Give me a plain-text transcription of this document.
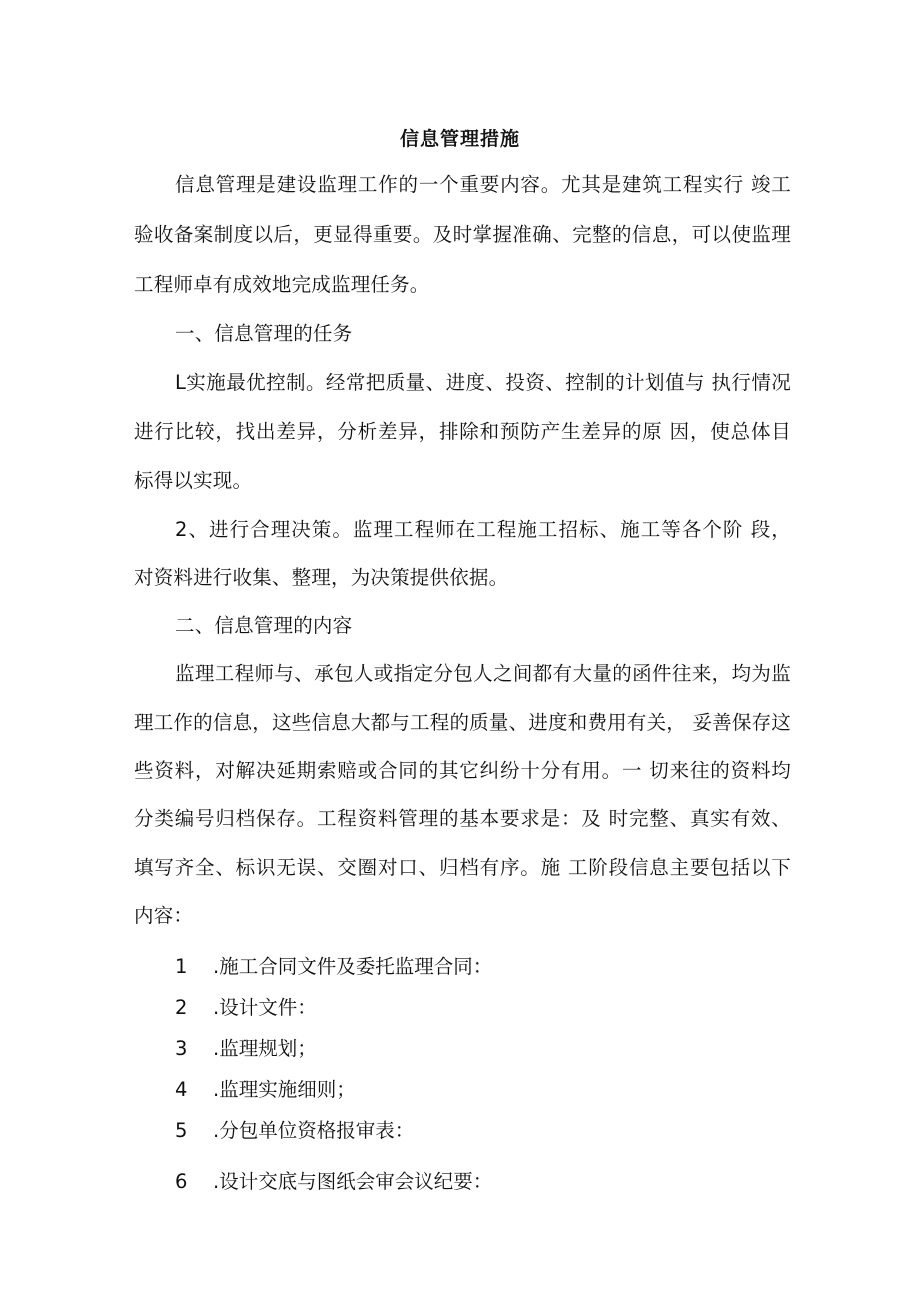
信息管理措施
信息管理是建设监理工作的一个重要内容。尤其是建筑工程实行 竣工
验收备案制度以后，更显得重要。及时掌握准确、完整的信息，可以使监理
工程师卓有成效地完成监理任务。
一、信息管理的任务
L实施最优控制。经常把质量、进度、投资、控制的计划值与 执行情况
进行比较，找出差异，分析差异，排除和预防产生差异的原 因，使总体目
标得以实现。
2、进行合理决策。监理工程师在工程施工招标、施工等各个阶 段，
对资料进行收集、整理，为决策提供依据。
二、信息管理的内容
监理工程师与、承包人或指定分包人之间都有大量的函件往来，均为监
理工作的信息，这些信息大都与工程的质量、进度和费用有关， 妥善保存这
些资料，对解决延期索赔或合同的其它纠纷十分有用。一 切来往的资料均
分类编号归档保存。工程资料管理的基本要求是：及 时完整、真实有效、
填写齐全、标识无误、交圈对口、归档有序。施 工阶段信息主要包括以下
内容：
1 .施工合同文件及委托监理合同：
2 .设计文件：
3 .监理规划；
4 .监理实施细则；
5 .分包单位资格报审表：
6 .设计交底与图纸会审会议纪要：
